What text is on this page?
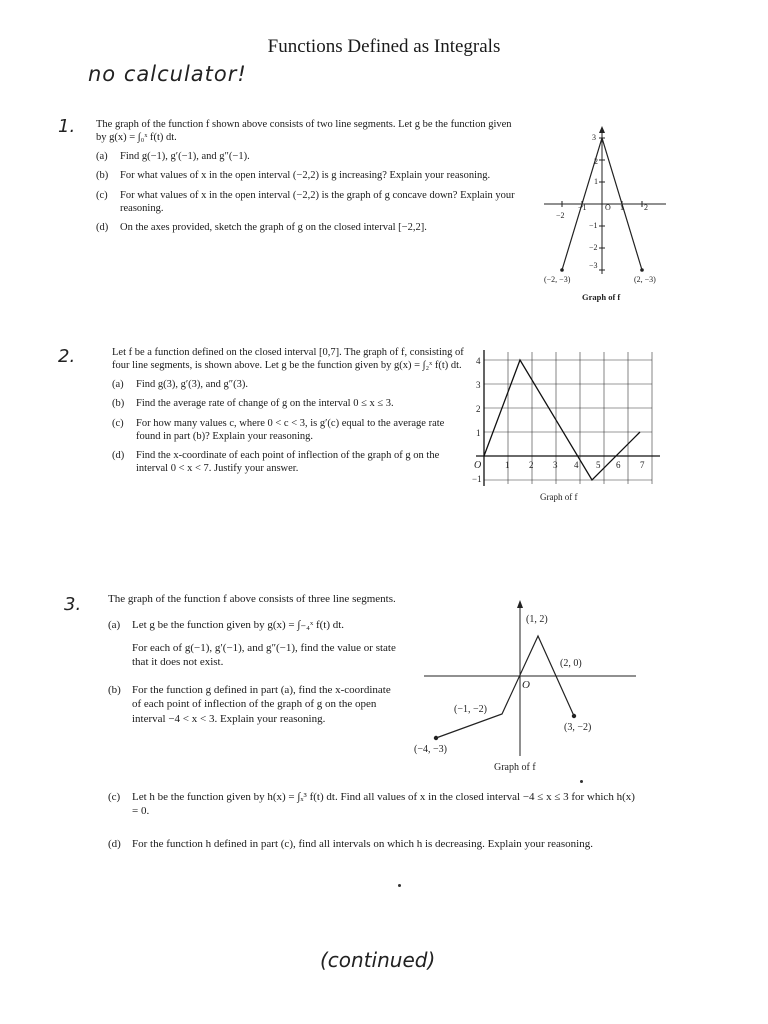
Functions Defined as Integrals
no calculator!
1. The graph of the function f shown above consists of two line segments. Let g be the function given by g(x) = ∫₀ˣ f(t) dt.

(a)	Find g(−1), g′(−1), and g″(−1).
(b)	For what values of x in the open interval (−2,2) is g increasing? Explain your reasoning.
(c)	For what values of x in the open interval (−2,2) is the graph of g concave down? Explain your reasoning.
(d)	On the axes provided, sketch the graph of g on the closed interval [−2,2].
−2
−1	1	2
O
3
2
1
−1
−2
−3
(−2, −3)	(2, −3)
Graph of f
2.	Let f be a function defined on the closed interval [0,7]. The graph of f, consisting of four line segments, is shown above. Let g be the function given by g(x) = ∫₂ˣ f(t) dt.

(a)	Find g(3), g′(3), and g″(3).
(b)	Find the average rate of change of g on the interval 0 ≤ x ≤ 3.
(c)	For how many values c, where 0 < c < 3, is g′(c) equal to the average rate found in part (b)? Explain your reasoning.
(d)	Find the x-coordinate of each point of inflection of the graph of g on the interval 0 < x < 7. Justify your answer.
4
3
2
1
−1
O	1 2 3 4 5 6 7
Graph of f
3. The graph of the function f above consists of three line segments.

(a)	Let g be the function given by g(x) = ∫₋₄ˣ f(t) dt.

For each of g(−1), g′(−1), and g″(−1), find the value or state that it does not exist.

(b)	For the function g defined in part (a), find the x-coordinate of each point of inflection of the graph of g on the open interval −4 < x < 3. Explain your reasoning.
(c)	Let h be the function given by h(x) = ∫ₓ³ f(t) dt. Find all values of x in the closed interval −4 ≤ x ≤ 3 for which h(x) = 0.
(d)	For the function h defined in part (c), find all intervals on which h is decreasing. Explain your reasoning.
(1, 2)
(2, 0)
(−1, −2)
(3, −2)
(−4, −3)
O
Graph of f
(continued)
